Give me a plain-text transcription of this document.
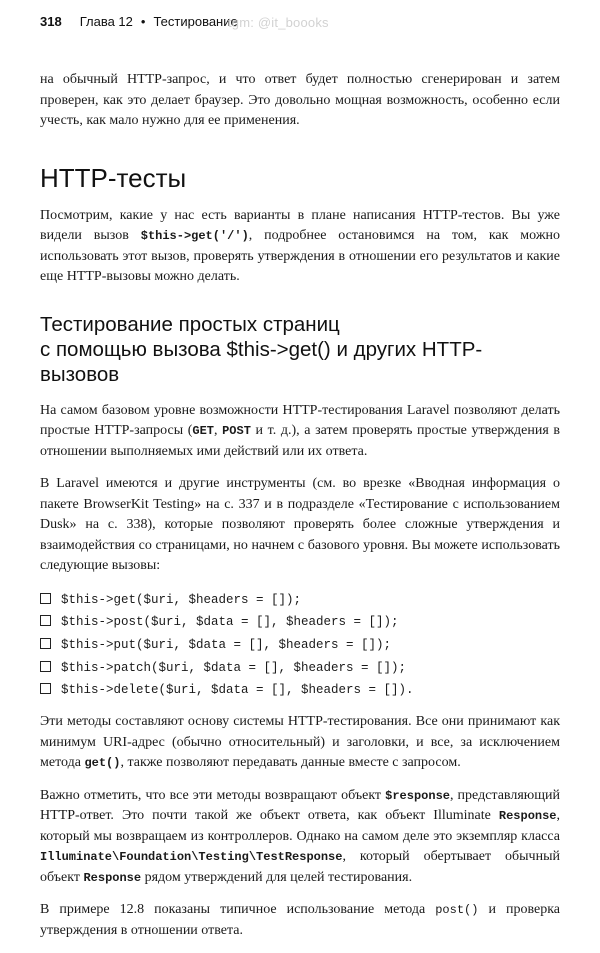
318 Глава 12 • Тестирование
tgm: @it_boooks

на обычный HTTP-запрос, и что ответ будет полностью сгенерирован и затем проверен, как это делает браузер. Это довольно мощная возможность, особенно если учесть, как мало нужно для ее применения.

HTTP-тесты

Посмотрим, какие у нас есть варианты в плане написания HTTP-тестов. Вы уже видели вызов $this->get('/'), подробнее остановимся на том, как можно использовать этот вызов, проверять утверждения в отношении его результатов и какие еще HTTP-вызовы можно делать.

Тестирование простых страниц
с помощью вызова $this->get() и других HTTP-вызовов

На самом базовом уровне возможности HTTP-тестирования Laravel позволяют делать простые HTTP-запросы (GET, POST и т. д.), а затем проверять простые утверждения в отношении выполняемых ими действий или их ответа.

В Laravel имеются и другие инструменты (см. во врезке «Вводная информация о пакете BrowserKit Testing» на с. 337 и в подразделе «Тестирование с использованием Dusk» на с. 338), которые позволяют проверять более сложные утверждения и взаимодействия со страницами, но начнем с базового уровня. Вы можете использовать следующие вызовы:

$this->get($uri, $headers = []);
$this->post($uri, $data = [], $headers = []);
$this->put($uri, $data = [], $headers = []);
$this->patch($uri, $data = [], $headers = []);
$this->delete($uri, $data = [], $headers = []).

Эти методы составляют основу системы HTTP-тестирования. Все они принимают как минимум URI-адрес (обычно относительный) и заголовки, и все, за исключением метода get(), также позволяют передавать данные вместе с запросом.

Важно отметить, что все эти методы возвращают объект $response, представляющий HTTP-ответ. Это почти такой же объект ответа, как объект Illuminate Response, который мы возвращаем из контроллеров. Однако на самом деле это экземпляр класса Illuminate\Foundation\Testing\TestResponse, который обертывает обычный объект Response рядом утверждений для целей тестирования.

В примере 12.8 показаны типичное использование метода post() и проверка утверждения в отношении ответа.
